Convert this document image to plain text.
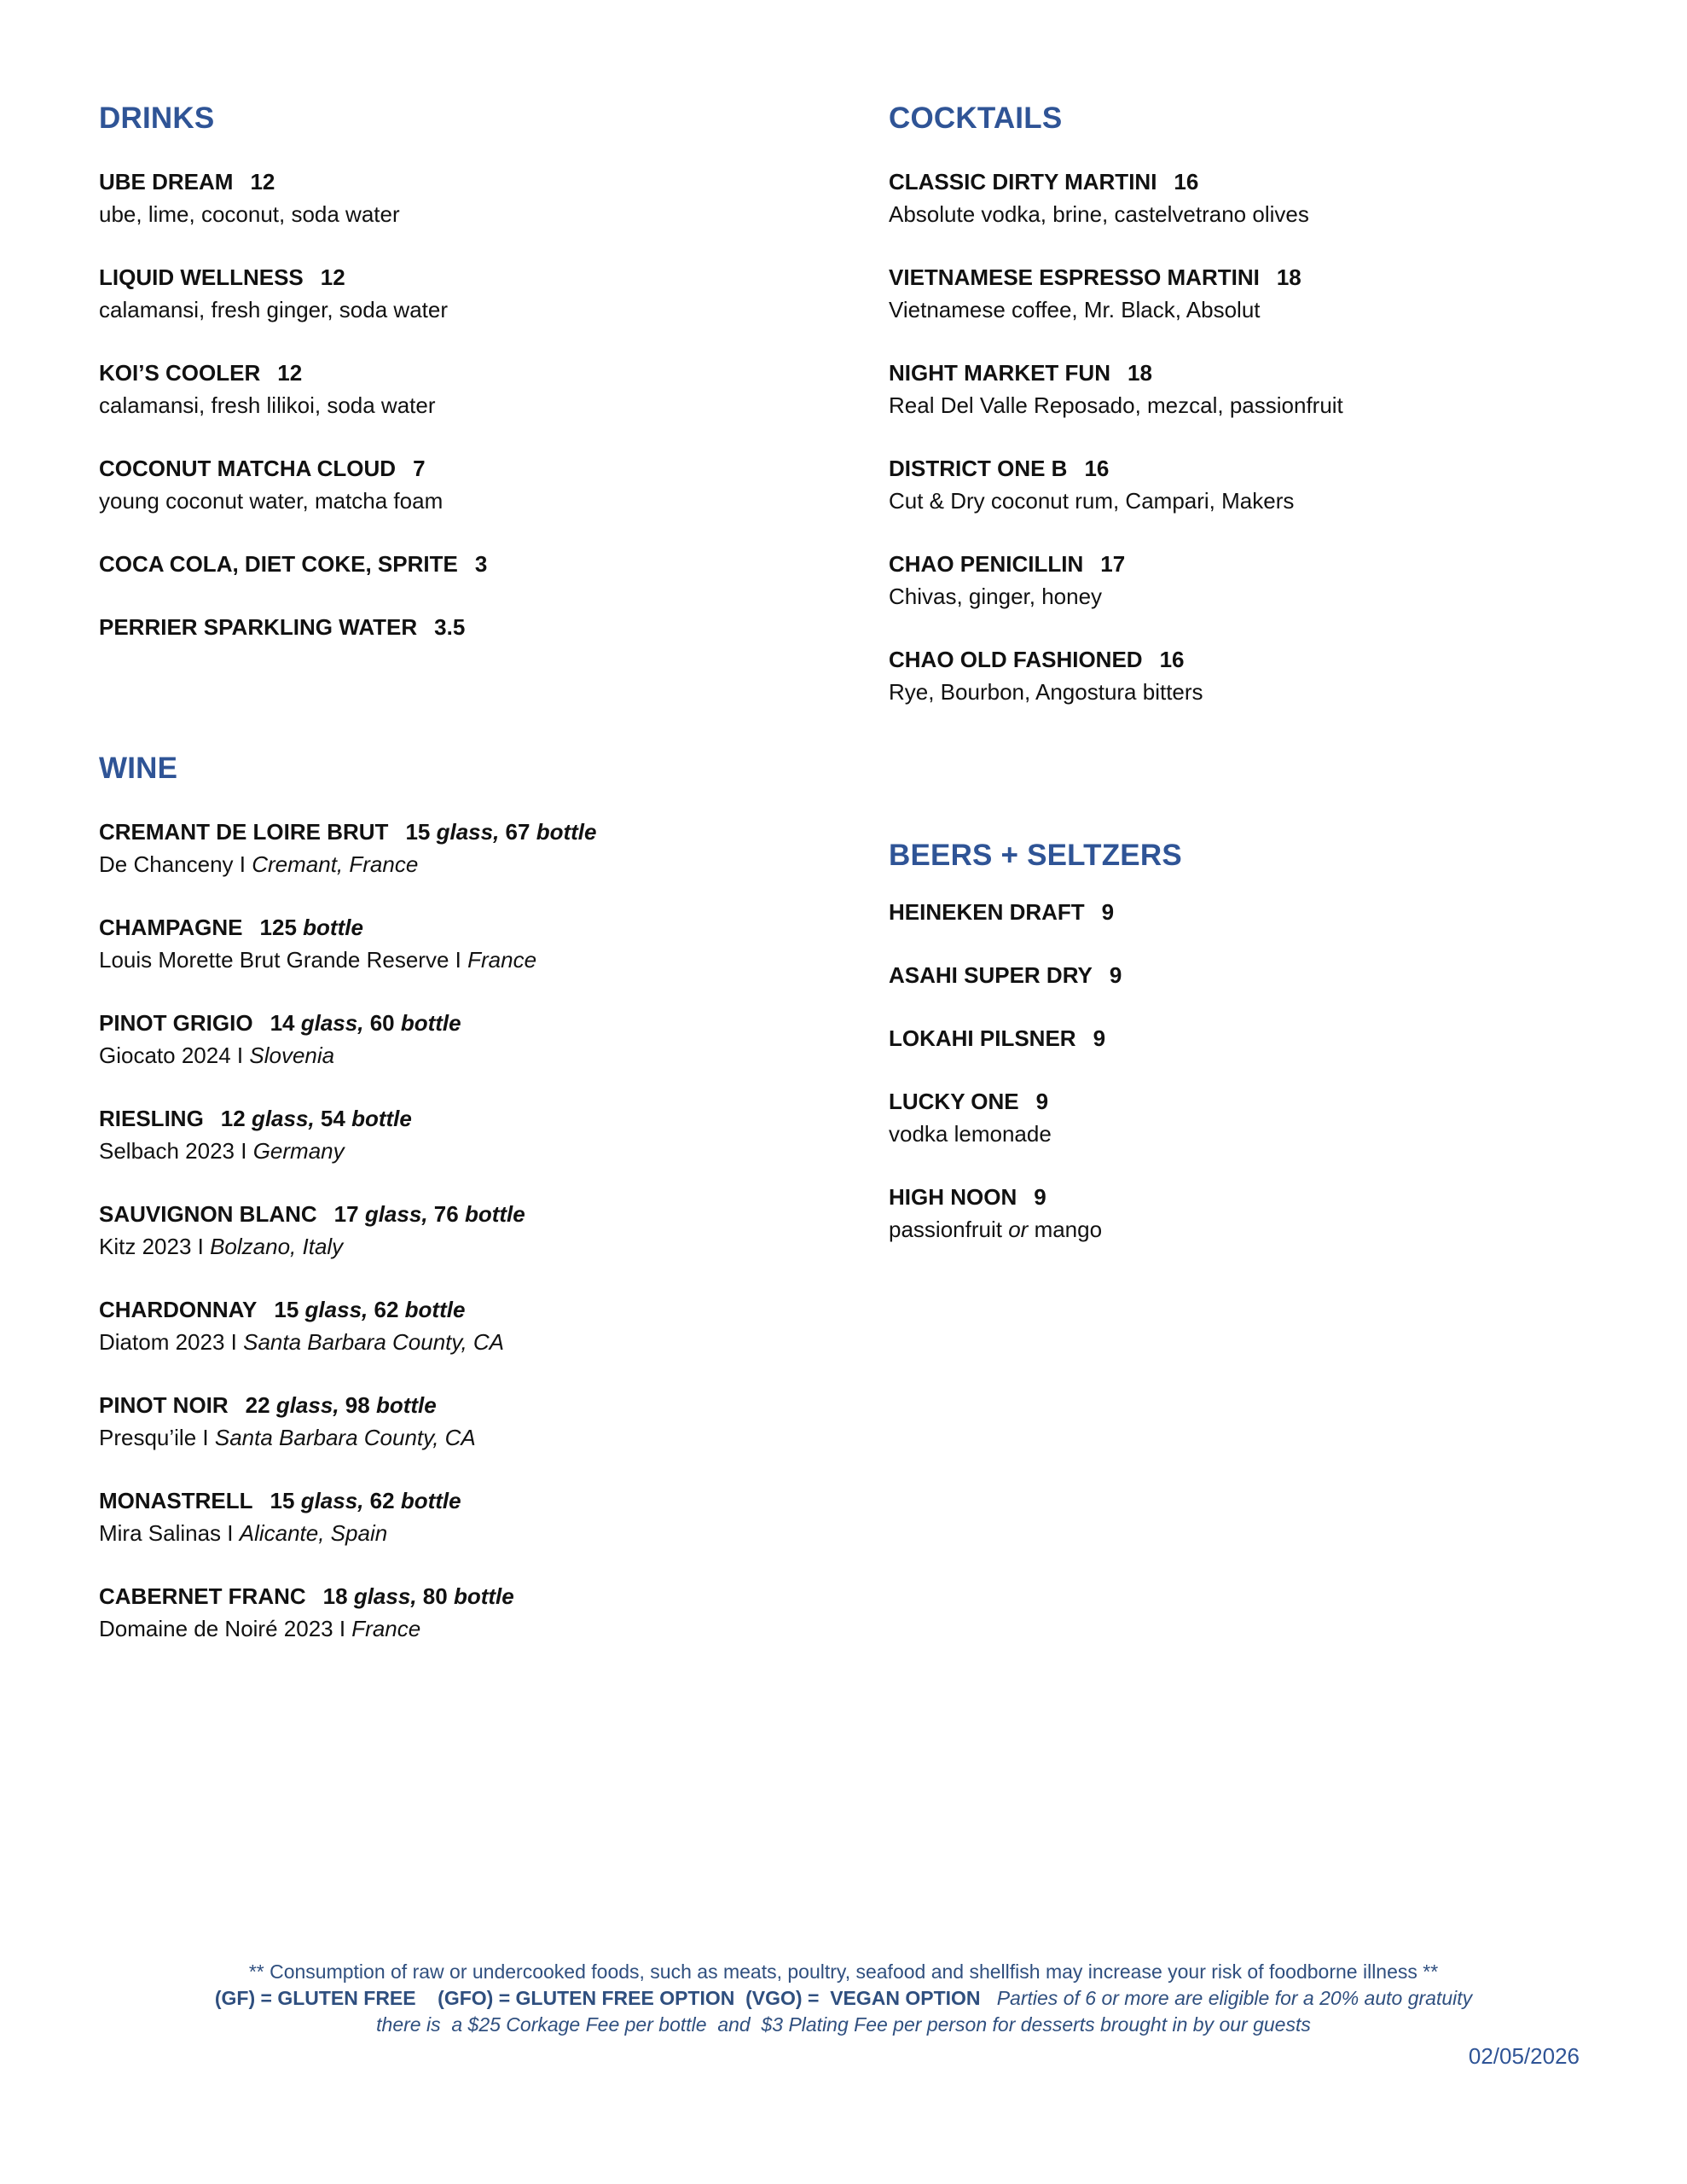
DRINKS
UBE DREAM 12
ube, lime, coconut, soda water
LIQUID WELLNESS 12
calamansi, fresh ginger, soda water
KOI’S COOLER 12
calamansi, fresh lilikoi, soda water
COCONUT MATCHA CLOUD 7
young coconut water, matcha foam
COCA COLA, DIET COKE, SPRITE 3
PERRIER SPARKLING WATER 3.5
WINE
CREMANT DE LOIRE BRUT 15 glass, 67 bottle
De Chanceny I Cremant, France
CHAMPAGNE 125 bottle
Louis Morette Brut Grande Reserve I France
PINOT GRIGIO 14 glass, 60 bottle
Giocato 2024 I Slovenia
RIESLING 12 glass, 54 bottle
Selbach 2023 I Germany
SAUVIGNON BLANC 17 glass, 76 bottle
Kitz 2023 I Bolzano, Italy
CHARDONNAY 15 glass, 62 bottle
Diatom 2023 I Santa Barbara County, CA
PINOT NOIR 22 glass, 98 bottle
Presqu’ile I Santa Barbara County, CA
MONASTRELL 15 glass, 62 bottle
Mira Salinas I Alicante, Spain
CABERNET FRANC 18 glass, 80 bottle
Domaine de Noiré 2023 I France
COCKTAILS
CLASSIC DIRTY MARTINI 16
Absolute vodka, brine, castelvetrano olives
VIETNAMESE ESPRESSO MARTINI 18
Vietnamese coffee, Mr. Black, Absolut
NIGHT MARKET FUN 18
Real Del Valle Reposado, mezcal, passionfruit
DISTRICT ONE B 16
Cut & Dry coconut rum, Campari, Makers
CHAO PENICILLIN 17
Chivas, ginger, honey
CHAO OLD FASHIONED 16
Rye, Bourbon, Angostura bitters
BEERS + SELTZERS
HEINEKEN DRAFT 9
ASAHI SUPER DRY 9
LOKAHI PILSNER 9
LUCKY ONE 9
vodka lemonade
HIGH NOON 9
passionfruit or mango
** Consumption of raw or undercooked foods, such as meats, poultry, seafood and shellfish may increase your risk of foodborne illness **
(GF) = GLUTEN FREE    (GFO) = GLUTEN FREE OPTION  (VGO) =  VEGAN OPTION Parties of 6 or more are eligible for a 20% auto gratuity
there is  a $25 Corkage Fee per bottle  and  $3 Plating Fee per person for desserts brought in by our guests
02/05/2026
